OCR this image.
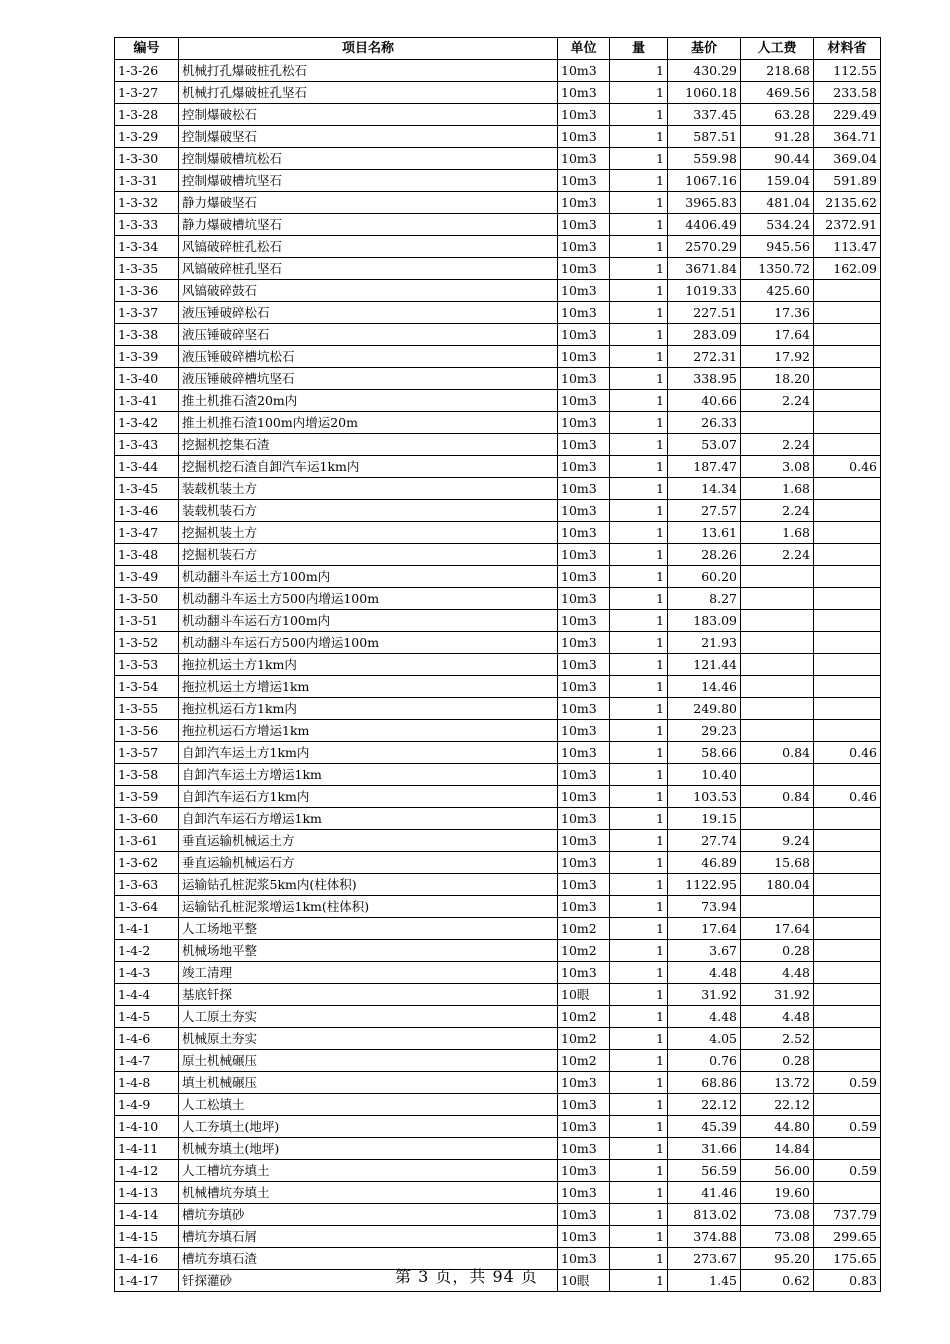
编号	项目名称	单位	量	基价	人工费	材料省
1-3-26	机械打孔爆破桩孔松石	10m3	1	430.29	218.68	112.55
1-3-27	机械打孔爆破桩孔坚石	10m3	1	1060.18	469.56	233.58
1-3-28	控制爆破松石	10m3	1	337.45	63.28	229.49
1-3-29	控制爆破坚石	10m3	1	587.51	91.28	364.71
1-3-30	控制爆破槽坑松石	10m3	1	559.98	90.44	369.04
1-3-31	控制爆破槽坑坚石	10m3	1	1067.16	159.04	591.89
1-3-32	静力爆破坚石	10m3	1	3965.83	481.04	2135.62
1-3-33	静力爆破槽坑坚石	10m3	1	4406.49	534.24	2372.91
1-3-34	风镐破碎桩孔松石	10m3	1	2570.29	945.56	113.47
1-3-35	风镐破碎桩孔坚石	10m3	1	3671.84	1350.72	162.09
1-3-36	风镐破碎鼓石	10m3	1	1019.33	425.60	
1-3-37	液压锤破碎松石	10m3	1	227.51	17.36	
1-3-38	液压锤破碎坚石	10m3	1	283.09	17.64	
1-3-39	液压锤破碎槽坑松石	10m3	1	272.31	17.92	
1-3-40	液压锤破碎槽坑坚石	10m3	1	338.95	18.20	
1-3-41	推土机推石渣20m内	10m3	1	40.66	2.24	
1-3-42	推土机推石渣100m内增运20m	10m3	1	26.33		
1-3-43	挖掘机挖集石渣	10m3	1	53.07	2.24	
1-3-44	挖掘机挖石渣自卸汽车运1km内	10m3	1	187.47	3.08	0.46
1-3-45	装载机装土方	10m3	1	14.34	1.68	
1-3-46	装载机装石方	10m3	1	27.57	2.24	
1-3-47	挖掘机装土方	10m3	1	13.61	1.68	
1-3-48	挖掘机装石方	10m3	1	28.26	2.24	
1-3-49	机动翻斗车运土方100m内	10m3	1	60.20		
1-3-50	机动翻斗车运土方500内增运100m	10m3	1	8.27		
1-3-51	机动翻斗车运石方100m内	10m3	1	183.09		
1-3-52	机动翻斗车运石方500内增运100m	10m3	1	21.93		
1-3-53	拖拉机运土方1km内	10m3	1	121.44		
1-3-54	拖拉机运土方增运1km	10m3	1	14.46		
1-3-55	拖拉机运石方1km内	10m3	1	249.80		
1-3-56	拖拉机运石方增运1km	10m3	1	29.23		
1-3-57	自卸汽车运土方1km内	10m3	1	58.66	0.84	0.46
1-3-58	自卸汽车运土方增运1km	10m3	1	10.40		
1-3-59	自卸汽车运石方1km内	10m3	1	103.53	0.84	0.46
1-3-60	自卸汽车运石方增运1km	10m3	1	19.15		
1-3-61	垂直运输机械运土方	10m3	1	27.74	9.24	
1-3-62	垂直运输机械运石方	10m3	1	46.89	15.68	
1-3-63	运输钻孔桩泥浆5km内(柱体积)	10m3	1	1122.95	180.04	
1-3-64	运输钻孔桩泥浆增运1km(柱体积)	10m3	1	73.94		
1-4-1	人工场地平整	10m2	1	17.64	17.64	
1-4-2	机械场地平整	10m2	1	3.67	0.28	
1-4-3	竣工清理	10m3	1	4.48	4.48	
1-4-4	基底钎探	10眼	1	31.92	31.92	
1-4-5	人工原土夯实	10m2	1	4.48	4.48	
1-4-6	机械原土夯实	10m2	1	4.05	2.52	
1-4-7	原土机械碾压	10m2	1	0.76	0.28	
1-4-8	填土机械碾压	10m3	1	68.86	13.72	0.59
1-4-9	人工松填土	10m3	1	22.12	22.12	
1-4-10	人工夯填土(地坪)	10m3	1	45.39	44.80	0.59
1-4-11	机械夯填土(地坪)	10m3	1	31.66	14.84	
1-4-12	人工槽坑夯填土	10m3	1	56.59	56.00	0.59
1-4-13	机械槽坑夯填土	10m3	1	41.46	19.60	
1-4-14	槽坑夯填砂	10m3	1	813.02	73.08	737.79
1-4-15	槽坑夯填石屑	10m3	1	374.88	73.08	299.65
1-4-16	槽坑夯填石渣	10m3	1	273.67	95.20	175.65
1-4-17	钎探灌砂	10眼	1	1.45	0.62	0.83
第 3 页，共 94 页
